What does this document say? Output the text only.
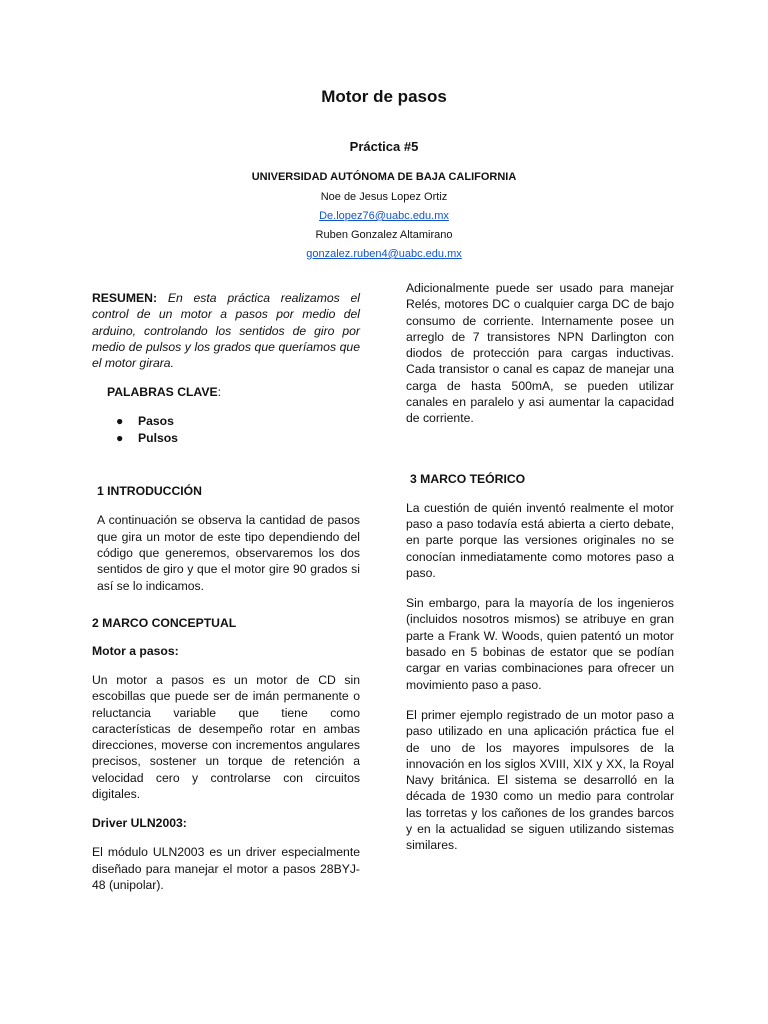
Motor de pasos
Práctica #5
UNIVERSIDAD AUTÓNOMA DE BAJA CALIFORNIA
Noe de Jesus Lopez Ortiz
De.lopez76@uabc.edu.mx
Ruben Gonzalez Altamirano
gonzalez.ruben4@uabc.edu.mx

RESUMEN: En esta práctica realizamos el control de un motor a pasos por medio del arduino, controlando los sentidos de giro por medio de pulsos y los grados que queríamos que el motor girara.

PALABRAS CLAVE:

● Pasos
● Pulsos

1 INTRODUCCIÓN

A continuación se observa la cantidad de pasos que gira un motor de este tipo dependiendo del código que generemos, observaremos los dos sentidos de giro y que el motor gire 90 grados si así se lo indicamos.

2 MARCO CONCEPTUAL

Motor a pasos:

Un motor a pasos es un motor de CD sin escobillas que puede ser de imán permanente o reluctancia variable que tiene como características de desempeño rotar en ambas direcciones, moverse con incrementos angulares precisos, sostener un torque de retención a velocidad cero y controlarse con circuitos digitales.

Driver ULN2003:

El módulo ULN2003 es un driver especialmente diseñado para manejar el motor a pasos 28BYJ-48 (unipolar).

Adicionalmente puede ser usado para manejar Relés, motores DC o cualquier carga DC de bajo consumo de corriente. Internamente posee un arreglo de 7 transistores NPN Darlington con diodos de protección para cargas inductivas. Cada transistor o canal es capaz de manejar una carga de hasta 500mA, se pueden utilizar canales en paralelo y asi aumentar la capacidad de corriente.

3 MARCO TEÓRICO

La cuestión de quién inventó realmente el motor paso a paso todavía está abierta a cierto debate, en parte porque las versiones originales no se conocían inmediatamente como motores paso a paso.

Sin embargo, para la mayoría de los ingenieros (incluidos nosotros mismos) se atribuye en gran parte a Frank W. Woods, quien patentó un motor basado en 5 bobinas de estator que se podían cargar en varias combinaciones para ofrecer un movimiento paso a paso.

El primer ejemplo registrado de un motor paso a paso utilizado en una aplicación práctica fue el de uno de los mayores impulsores de la innovación en los siglos XVIII, XIX y XX, la Royal Navy británica. El sistema se desarrolló en la década de 1930 como un medio para controlar las torretas y los cañones de los grandes barcos y en la actualidad se siguen utilizando sistemas similares.
